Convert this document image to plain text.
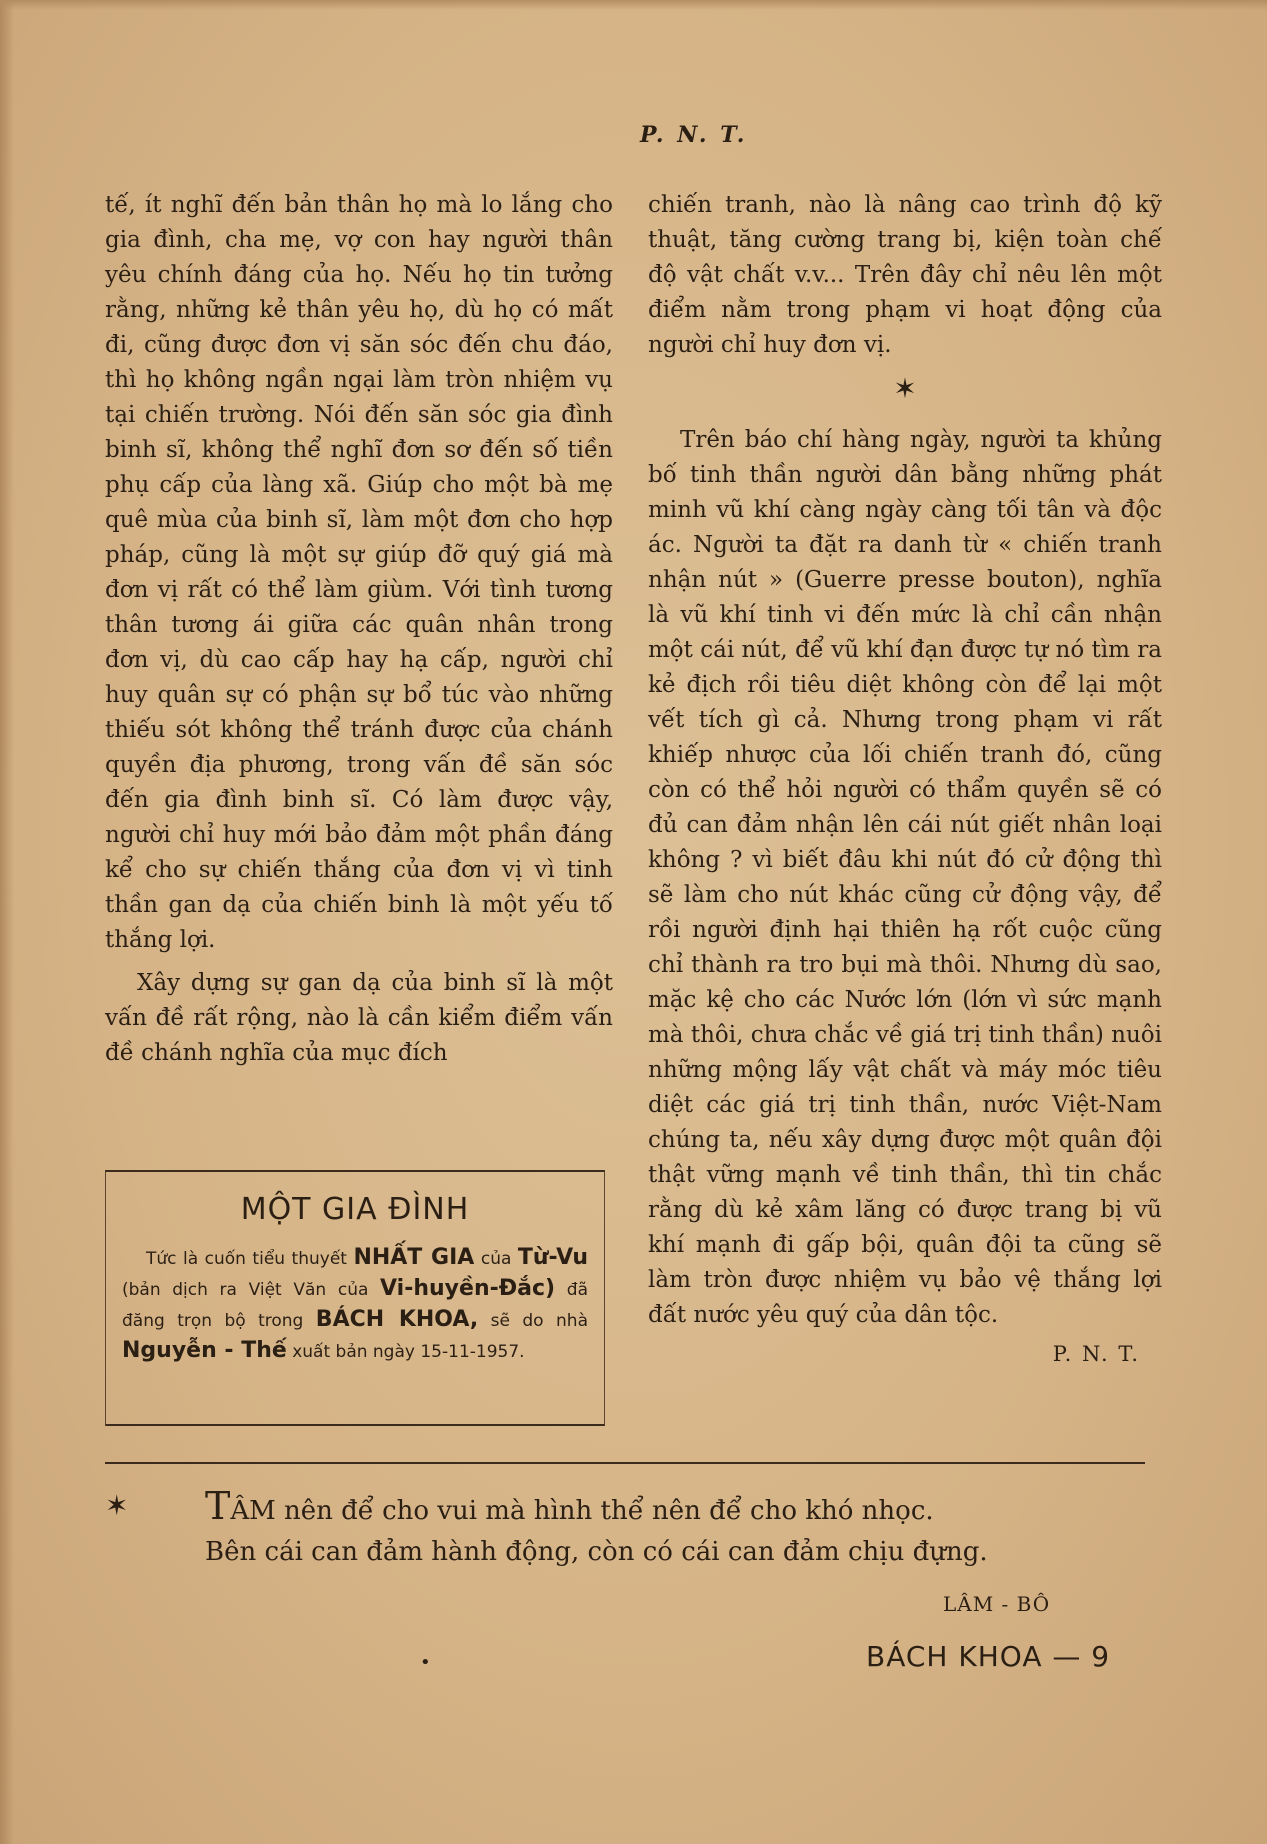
P. N. T.

tế, ít nghĩ đến bản thân họ mà lo lắng cho gia đình, cha mẹ, vợ con hay người thân yêu chính đáng của họ. Nếu họ tin tưởng rằng, những kẻ thân yêu họ, dù họ có mất đi, cũng được đơn vị săn sóc đến chu đáo, thì họ không ngần ngại làm tròn nhiệm vụ tại chiến trường. Nói đến săn sóc gia đình binh sĩ, không thể nghĩ đơn sơ đến số tiền phụ cấp của làng xã. Giúp cho một bà mẹ quê mùa của binh sĩ, làm một đơn cho hợp pháp, cũng là một sự giúp đỡ quý giá mà đơn vị rất có thể làm giùm. Với tình tương thân tương ái giữa các quân nhân trong đơn vị, dù cao cấp hay hạ cấp, người chỉ huy quân sự có phận sự bổ túc vào những thiếu sót không thể tránh được của chánh quyền địa phương, trong vấn đề săn sóc đến gia đình binh sĩ. Có làm được vậy, người chỉ huy mới bảo đảm một phần đáng kể cho sự chiến thắng của đơn vị vì tinh thần gan dạ của chiến binh là một yếu tố thắng lợi.

Xây dựng sự gan dạ của binh sĩ là một vấn đề rất rộng, nào là cần kiểm điểm vấn đề chánh nghĩa của mục đích

MỘT GIA ĐÌNH
Tức là cuốn tiểu thuyết NHẤT GIA của Từ-Vu (bản dịch ra Việt Văn của Vi-huyền-Đắc) đã đăng trọn bộ trong BÁCH KHOA, sẽ do nhà Nguyễn - Thế xuất bản ngày 15-11-1957.

chiến tranh, nào là nâng cao trình độ kỹ thuật, tăng cường trang bị, kiện toàn chế độ vật chất v.v... Trên đây chỉ nêu lên một điểm nằm trong phạm vi hoạt động của người chỉ huy đơn vị.

✶

Trên báo chí hàng ngày, người ta khủng bố tinh thần người dân bằng những phát minh vũ khí càng ngày càng tối tân và độc ác. Người ta đặt ra danh từ « chiến tranh nhận nút » (Guerre presse bouton), nghĩa là vũ khí tinh vi đến mức là chỉ cần nhận một cái nút, để vũ khí đạn được tự nó tìm ra kẻ địch rồi tiêu diệt không còn để lại một vết tích gì cả. Nhưng trong phạm vi rất khiếp nhược của lối chiến tranh đó, cũng còn có thể hỏi người có thẩm quyền sẽ có đủ can đảm nhận lên cái nút giết nhân loại không ? vì biết đâu khi nút đó cử động thì sẽ làm cho nút khác cũng cử động vậy, để rồi người định hại thiên hạ rốt cuộc cũng chỉ thành ra tro bụi mà thôi. Nhưng dù sao, mặc kệ cho các Nước lớn (lớn vì sức mạnh mà thôi, chưa chắc về giá trị tinh thần) nuôi những mộng lấy vật chất và máy móc tiêu diệt các giá trị tinh thần, nước Việt-Nam chúng ta, nếu xây dựng được một quân đội thật vững mạnh về tinh thần, thì tin chắc rằng dù kẻ xâm lăng có được trang bị vũ khí mạnh đi gấp bội, quân đội ta cũng sẽ làm tròn được nhiệm vụ bảo vệ thắng lợi đất nước yêu quý của dân tộc.

P. N. T.
✶ TÂM nên để cho vui mà hình thể nên để cho khó nhọc.
Bên cái can đảm hành động, còn có cái can đảm chịu đựng.
LÂM - BÔ
•	BÁCH KHOA — 9
